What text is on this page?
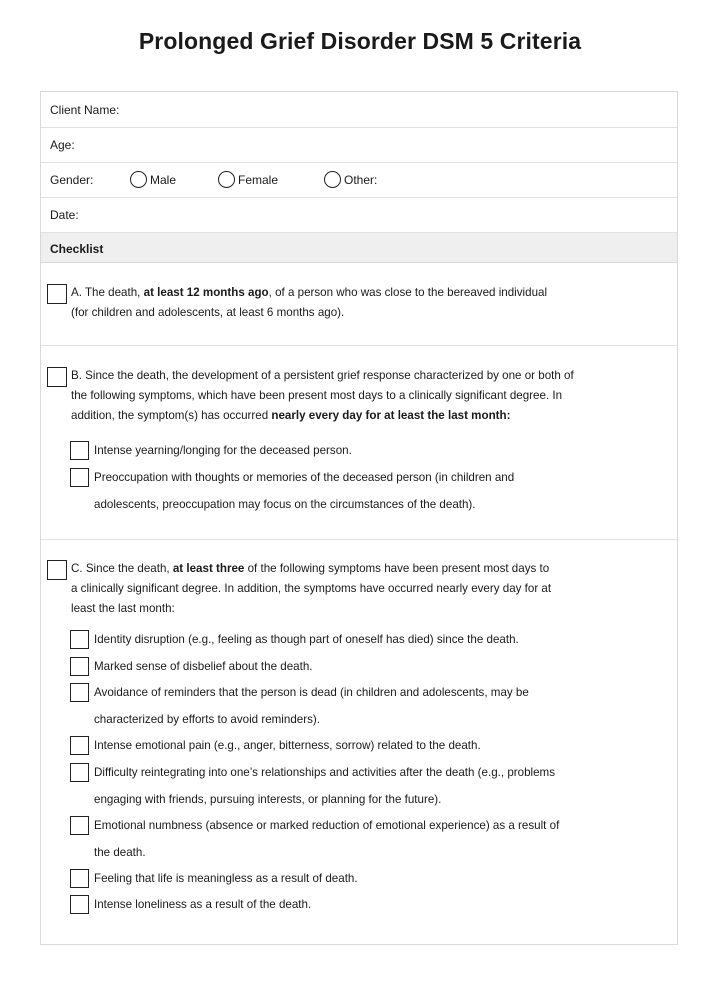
Prolonged Grief Disorder DSM 5 Criteria
Client Name:
Age:
Gender:	Male	Female	Other:
Date:
Checklist
A. The death, at least 12 months ago, of a person who was close to the bereaved individual
(for children and adolescents, at least 6 months ago).
B. Since the death, the development of a persistent grief response characterized by one or both of
the following symptoms, which have been present most days to a clinically significant degree. In
addition, the symptom(s) has occurred nearly every day for at least the last month:
Intense yearning/longing for the deceased person.
Preoccupation with thoughts or memories of the deceased person (in children and
adolescents, preoccupation may focus on the circumstances of the death).
C. Since the death, at least three of the following symptoms have been present most days to
a clinically significant degree. In addition, the symptoms have occurred nearly every day for at
least the last month:
Identity disruption (e.g., feeling as though part of oneself has died) since the death.
Marked sense of disbelief about the death.
Avoidance of reminders that the person is dead (in children and adolescents, may be
characterized by efforts to avoid reminders).
Intense emotional pain (e.g., anger, bitterness, sorrow) related to the death.
Difficulty reintegrating into one’s relationships and activities after the death (e.g., problems
engaging with friends, pursuing interests, or planning for the future).
Emotional numbness (absence or marked reduction of emotional experience) as a result of
the death.
Feeling that life is meaningless as a result of death.
Intense loneliness as a result of the death.
